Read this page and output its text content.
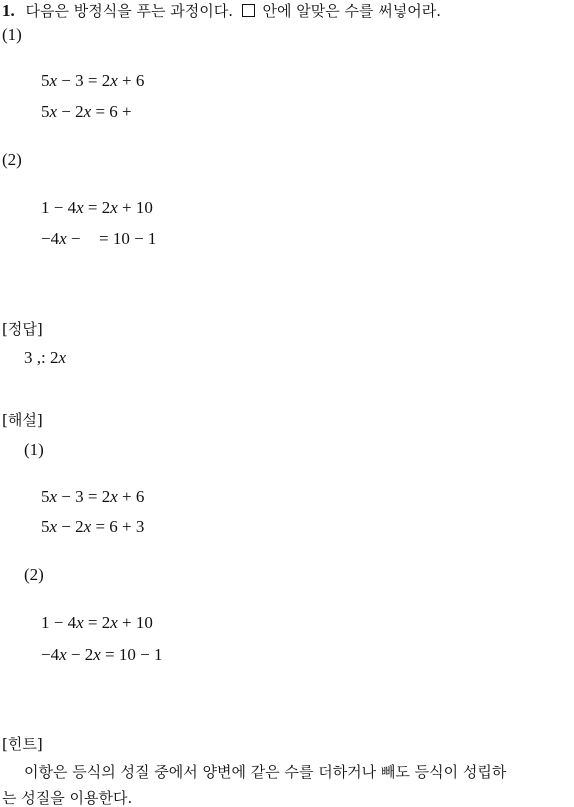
1. 다음은 방정식을 푸는 과정이다. 안에 알맞은 수를 써넣어라.
(1)
5x − 3 = 2x + 6
5x − 2x = 6 +
(2)
1 − 4x = 2x + 10
−4x −  = 10 − 1
[정답]
3 ,: 2x
[해설]
(1)
5x − 3 = 2x + 6
5x − 2x = 6 + 3
(2)
1 − 4x = 2x + 10
−4x − 2x = 10 − 1
[힌트]
이항은 등식의 성질 중에서 양변에 같은 수를 더하거나 빼도 등식이 성립하
는 성질을 이용한다.
